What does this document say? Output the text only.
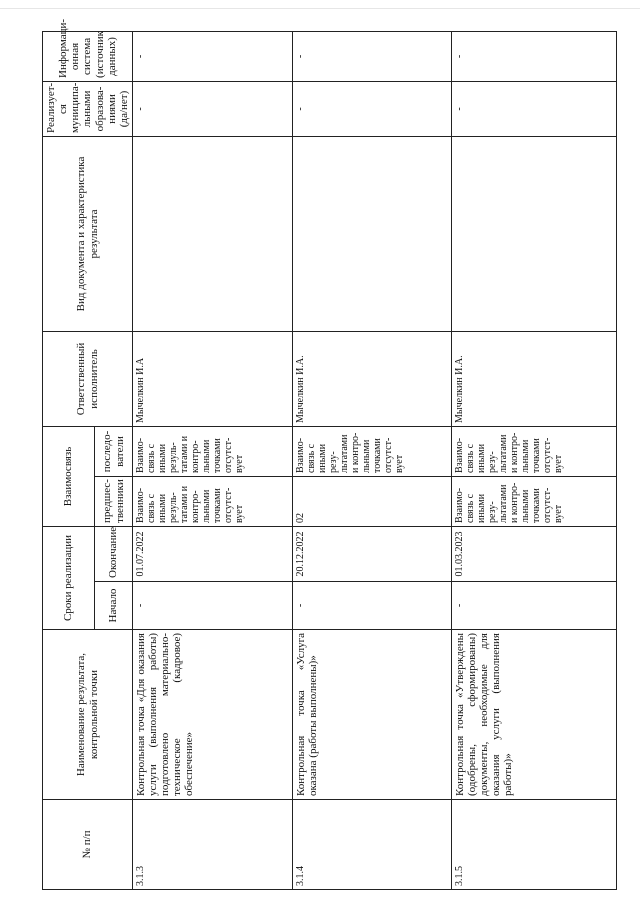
№ п/п	Наименование результата, контрольной точки	Сроки реализации		Взаимосвязь		Ответственный исполнитель	Вид документа и характеристика результата	Реализует-ся муниципа-льными образова-ниями (да/нет)	Информаци-онная система (источник данных)
		Начало	Окончание	предшес-твенники	последо-ватели				
3.1.3	Контрольная точка «Для оказания услуги (выполнения работы) подготовлено материально-техническое (кадровое) обеспечение»	-	01.07.2022	Взаимо-связь с иными резуль-татами и контро-льными точками отсутст-вует	Взаимо-связь с иными резуль-татами и контро-льными точками отсутст-вует	Мычелкин И.А		-	-
3.1.4	Контрольная точка «Услуга оказана (работы выполнены)»	-	20.12.2022	02	Взаимо-связь с иными резу-льтатами и контро-льными точками отсутст-вует	Мычелкин И.А.		-	-
3.1.5	Контрольная точка «Утверждены (одобрены, сформированы) документы, необходимые для оказания услуги (выполнения работы)»	-	01.03.2023	Взаимо-связь с иными резу-льтатами и контро-льными точками отсутст-вует	Взаимо-связь с иными резу-льтатами и контро-льными точками отсутст-вует	Мычелкин И.А.		-	-
